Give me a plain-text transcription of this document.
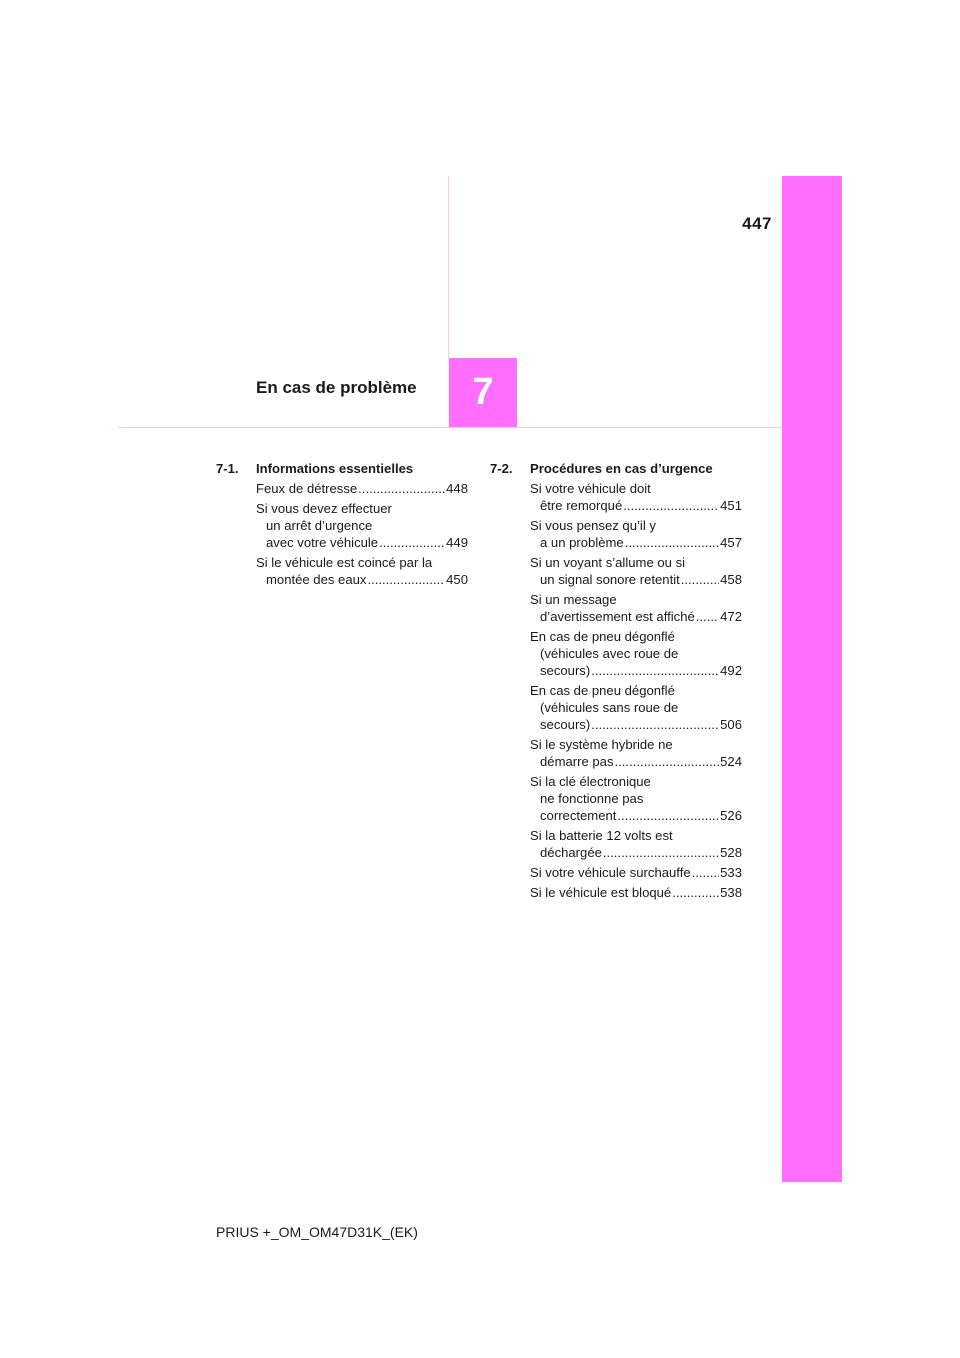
447
En cas de problème	7
7-1.	Informations essentielles
Feux de détresse .....	448
Si vous devez effectuer
un arrêt d’urgence
avec votre véhicule .....	449
Si le véhicule est coincé par la
montée des eaux .....	450
7-2.	Procédures en cas d’urgence
Si votre véhicule doit
être remorqué .....	451
Si vous pensez qu’il y
a un problème .....	457
Si un voyant s’allume ou si
un signal sonore retentit .....	458
Si un message
d’avertissement est affiché ..... 472
En cas de pneu dégonflé
(véhicules avec roue de
secours) .....	492
En cas de pneu dégonflé
(véhicules sans roue de
secours) .....	506
Si le système hybride ne
démarre pas .....	524
Si la clé électronique
ne fonctionne pas
correctement .....	526
Si la batterie 12 volts est
déchargée .....	528
Si votre véhicule surchauffe ..... 533
Si le véhicule est bloqué .....	538
PRIUS +_OM_OM47D31K_(EK)
